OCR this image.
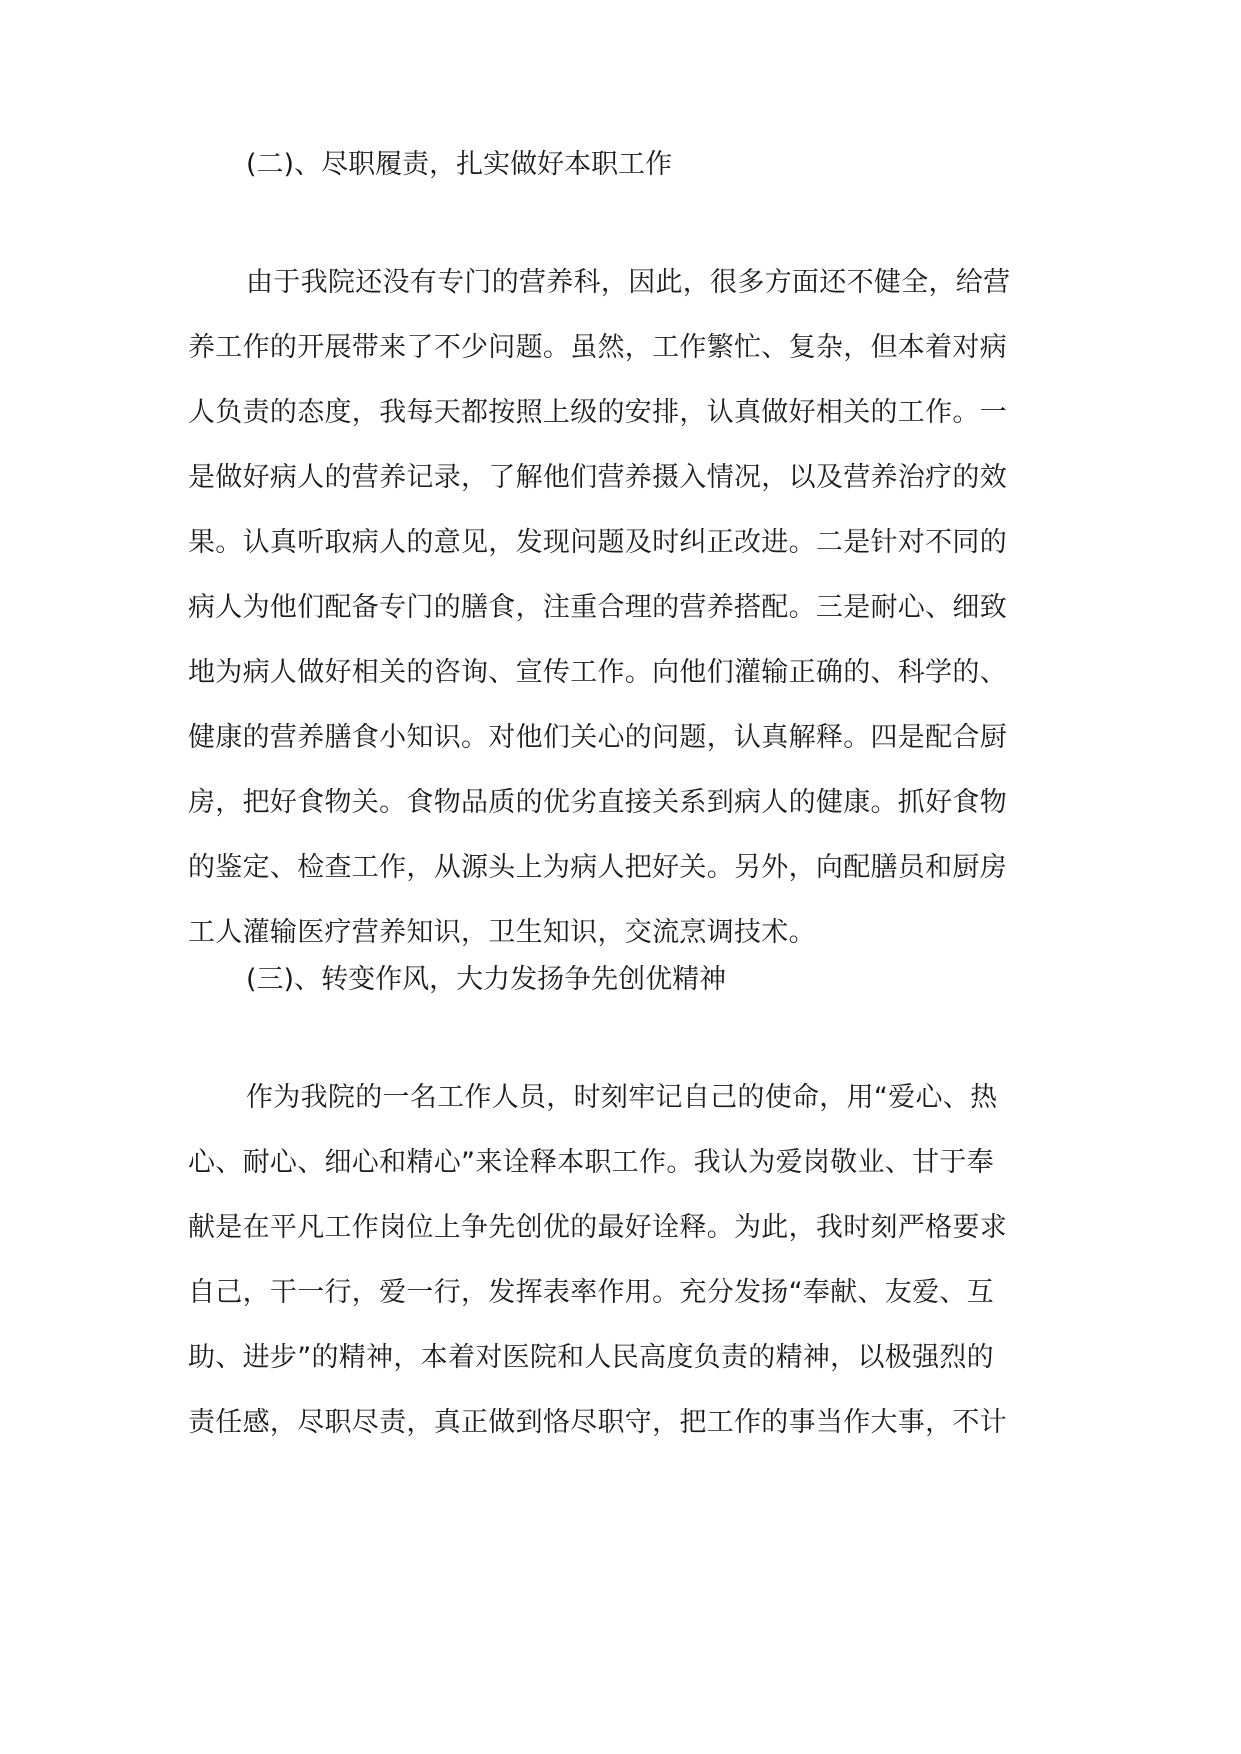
(二)、尽职履责，扎实做好本职工作
由于我院还没有专门的营养科，因此，很多方面还不健全，给营
养工作的开展带来了不少问题。虽然，工作繁忙、复杂，但本着对病
人负责的态度，我每天都按照上级的安排，认真做好相关的工作。一
是做好病人的营养记录，了解他们营养摄入情况，以及营养治疗的效
果。认真听取病人的意见，发现问题及时纠正改进。二是针对不同的
病人为他们配备专门的膳食，注重合理的营养搭配。三是耐心、细致
地为病人做好相关的咨询、宣传工作。向他们灌输正确的、科学的、
健康的营养膳食小知识。对他们关心的问题，认真解释。四是配合厨
房，把好食物关。食物品质的优劣直接关系到病人的健康。抓好食物
的鉴定、检查工作，从源头上为病人把好关。另外，向配膳员和厨房
工人灌输医疗营养知识，卫生知识，交流烹调技术。
(三)、转变作风，大力发扬争先创优精神
作为我院的一名工作人员，时刻牢记自己的使命，用“爱心、热
心、耐心、细心和精心”来诠释本职工作。我认为爱岗敬业、甘于奉
献是在平凡工作岗位上争先创优的最好诠释。为此，我时刻严格要求
自己，干一行，爱一行，发挥表率作用。充分发扬“奉献、友爱、互
助、进步”的精神，本着对医院和人民高度负责的精神，以极强烈的
责任感，尽职尽责，真正做到恪尽职守，把工作的事当作大事，不计
